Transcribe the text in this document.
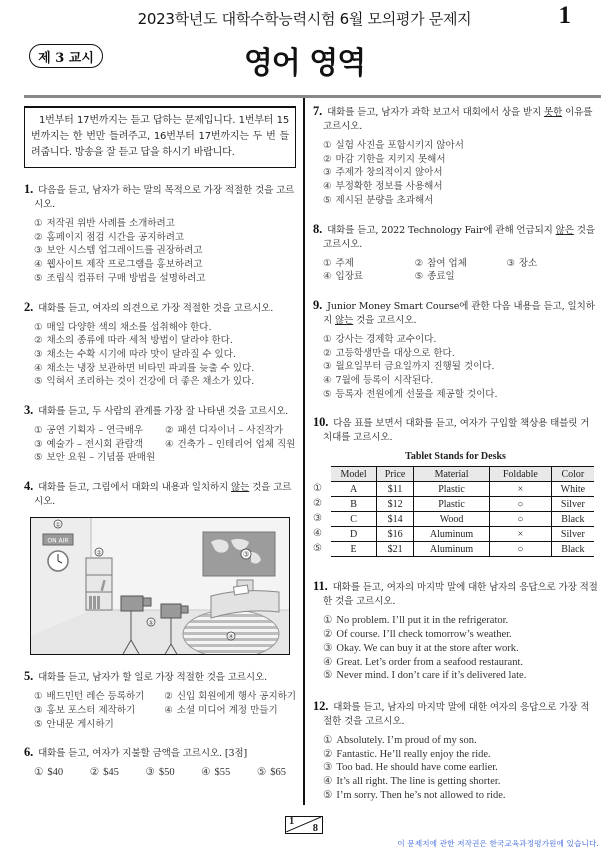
2023학년도 대학수학능력시험 6월 모의평가 문제지	1
제 3 교시	영어 영역
1번부터 17번까지는 듣고 답하는 문제입니다. 1번부터 15번까지는 한 번만 들려주고, 16번부터 17번까지는 두 번 들려줍니다. 방송을 잘 듣고 답을 하시기 바랍니다.
1. 다음을 듣고, 남자가 하는 말의 목적으로 가장 적절한 것을 고르시오.
① 저작권 위반 사례를 소개하려고
② 홈페이지 점검 시간을 공지하려고
③ 보안 시스템 업그레이드를 권장하려고
④ 웹사이트 제작 프로그램을 홍보하려고
⑤ 조립식 컴퓨터 구매 방법을 설명하려고
2. 대화를 듣고, 여자의 의견으로 가장 적절한 것을 고르시오.
① 매일 다양한 색의 채소를 섭취해야 한다.
② 채소의 종류에 따라 세척 방법이 달라야 한다.
③ 채소는 수확 시기에 따라 맛이 달라질 수 있다.
④ 채소는 냉장 보관하면 비타민 파괴를 늦출 수 있다.
⑤ 익혀서 조리하는 것이 건강에 더 좋은 채소가 있다.
3. 대화를 듣고, 두 사람의 관계를 가장 잘 나타낸 것을 고르시오.
① 공연 기획자 – 연극배우	② 패션 디자이너 – 사진작가
③ 예술가 – 전시회 관람객	④ 건축가 – 인테리어 업체 직원
⑤ 보안 요원 – 기념품 판매원
4. 대화를 듣고, 그림에서 대화의 내용과 일치하지 않는 것을 고르시오.
ON AIR
①
②	③
④
⑤
5. 대화를 듣고, 남자가 할 일로 가장 적절한 것을 고르시오.
① 배드민턴 레슨 등록하기	② 신입 회원에게 행사 공지하기
③ 홍보 포스터 제작하기	④ 소셜 미디어 계정 만들기
⑤ 안내문 게시하기
6. 대화를 듣고, 여자가 지불할 금액을 고르시오. [3점]
① $40	② $45	③ $50	④ $55	⑤ $65
7. 대화를 듣고, 남자가 과학 보고서 대회에서 상을 받지 못한 이유를 고르시오.
① 실험 사진을 포함시키지 않아서
② 마감 기한을 지키지 못해서
③ 주제가 창의적이지 않아서
④ 부정확한 정보를 사용해서
⑤ 제시된 분량을 초과해서
8. 대화를 듣고, 2022 Technology Fair에 관해 언급되지 않은 것을 고르시오.
① 주제	② 참여 업체	③ 장소
④ 입장료	⑤ 종료일
9. Junior Money Smart Course에 관한 다음 내용을 듣고, 일치하지 않는 것을 고르시오.
① 강사는 경제학 교수이다.
② 고등학생만을 대상으로 한다.
③ 월요일부터 금요일까지 진행될 것이다.
④ 7월에 등록이 시작된다.
⑤ 등록자 전원에게 선물을 제공할 것이다.
10. 다음 표를 보면서 대화를 듣고, 여자가 구입할 책상용 태블릿 거치대를 고르시오.
Tablet Stands for Desks
①
②
③
④
⑤
Model	Price	Material	Foldable	Color
A	$11	Plastic	×	White
B	$12	Plastic	○	Silver
C	$14	Wood	○	Black
D	$16	Aluminum	×	Silver
E	$21	Aluminum	○	Black
11. 대화를 듣고, 여자의 마지막 말에 대한 남자의 응답으로 가장 적절한 것을 고르시오.
① No problem. I’ll put it in the refrigerator.
② Of course. I’ll check tomorrow’s weather.
③ Okay. We can buy it at the store after work.
④ Great. Let’s order from a seafood restaurant.
⑤ Never mind. I don’t care if it’s delivered late.
12. 대화를 듣고, 남자의 마지막 말에 대한 여자의 응답으로 가장 적절한 것을 고르시오.
① Absolutely. I’m proud of my son.
② Fantastic. He’ll really enjoy the ride.
③ Too bad. He should have come earlier.
④ It’s all right. The line is getting shorter.
⑤ I’m sorry. Then he’s not allowed to ride.
1
8
이 문제지에 관한 저작권은 한국교육과정평가원에 있습니다.
